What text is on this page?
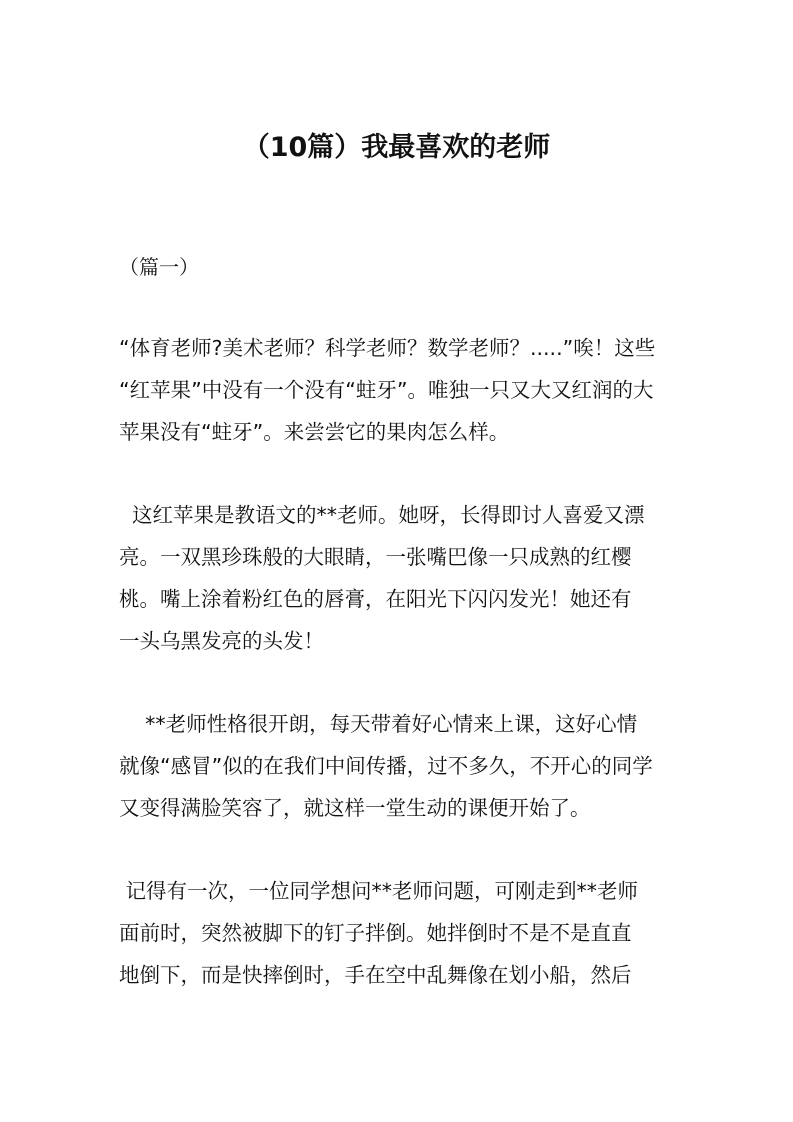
（10篇）我最喜欢的老师
（篇一）
“体育老师?美术老师？科学老师？数学老师？.....”唉！这些
“红苹果”中没有一个没有“蛀牙”。唯独一只又大又红润的大
苹果没有“蛀牙”。来尝尝它的果肉怎么样。
这红苹果是教语文的**老师。她呀，长得即讨人喜爱又漂
亮。一双黑珍珠般的大眼睛，一张嘴巴像一只成熟的红樱
桃。嘴上涂着粉红色的唇膏，在阳光下闪闪发光！她还有
一头乌黑发亮的头发！
**老师性格很开朗，每天带着好心情来上课，这好心情
就像“感冒”似的在我们中间传播，过不多久，不开心的同学
又变得满脸笑容了，就这样一堂生动的课便开始了。
记得有一次，一位同学想问**老师问题，可刚走到**老师
面前时，突然被脚下的钉子拌倒。她拌倒时不是不是直直
地倒下，而是快摔倒时，手在空中乱舞像在划小船，然后
